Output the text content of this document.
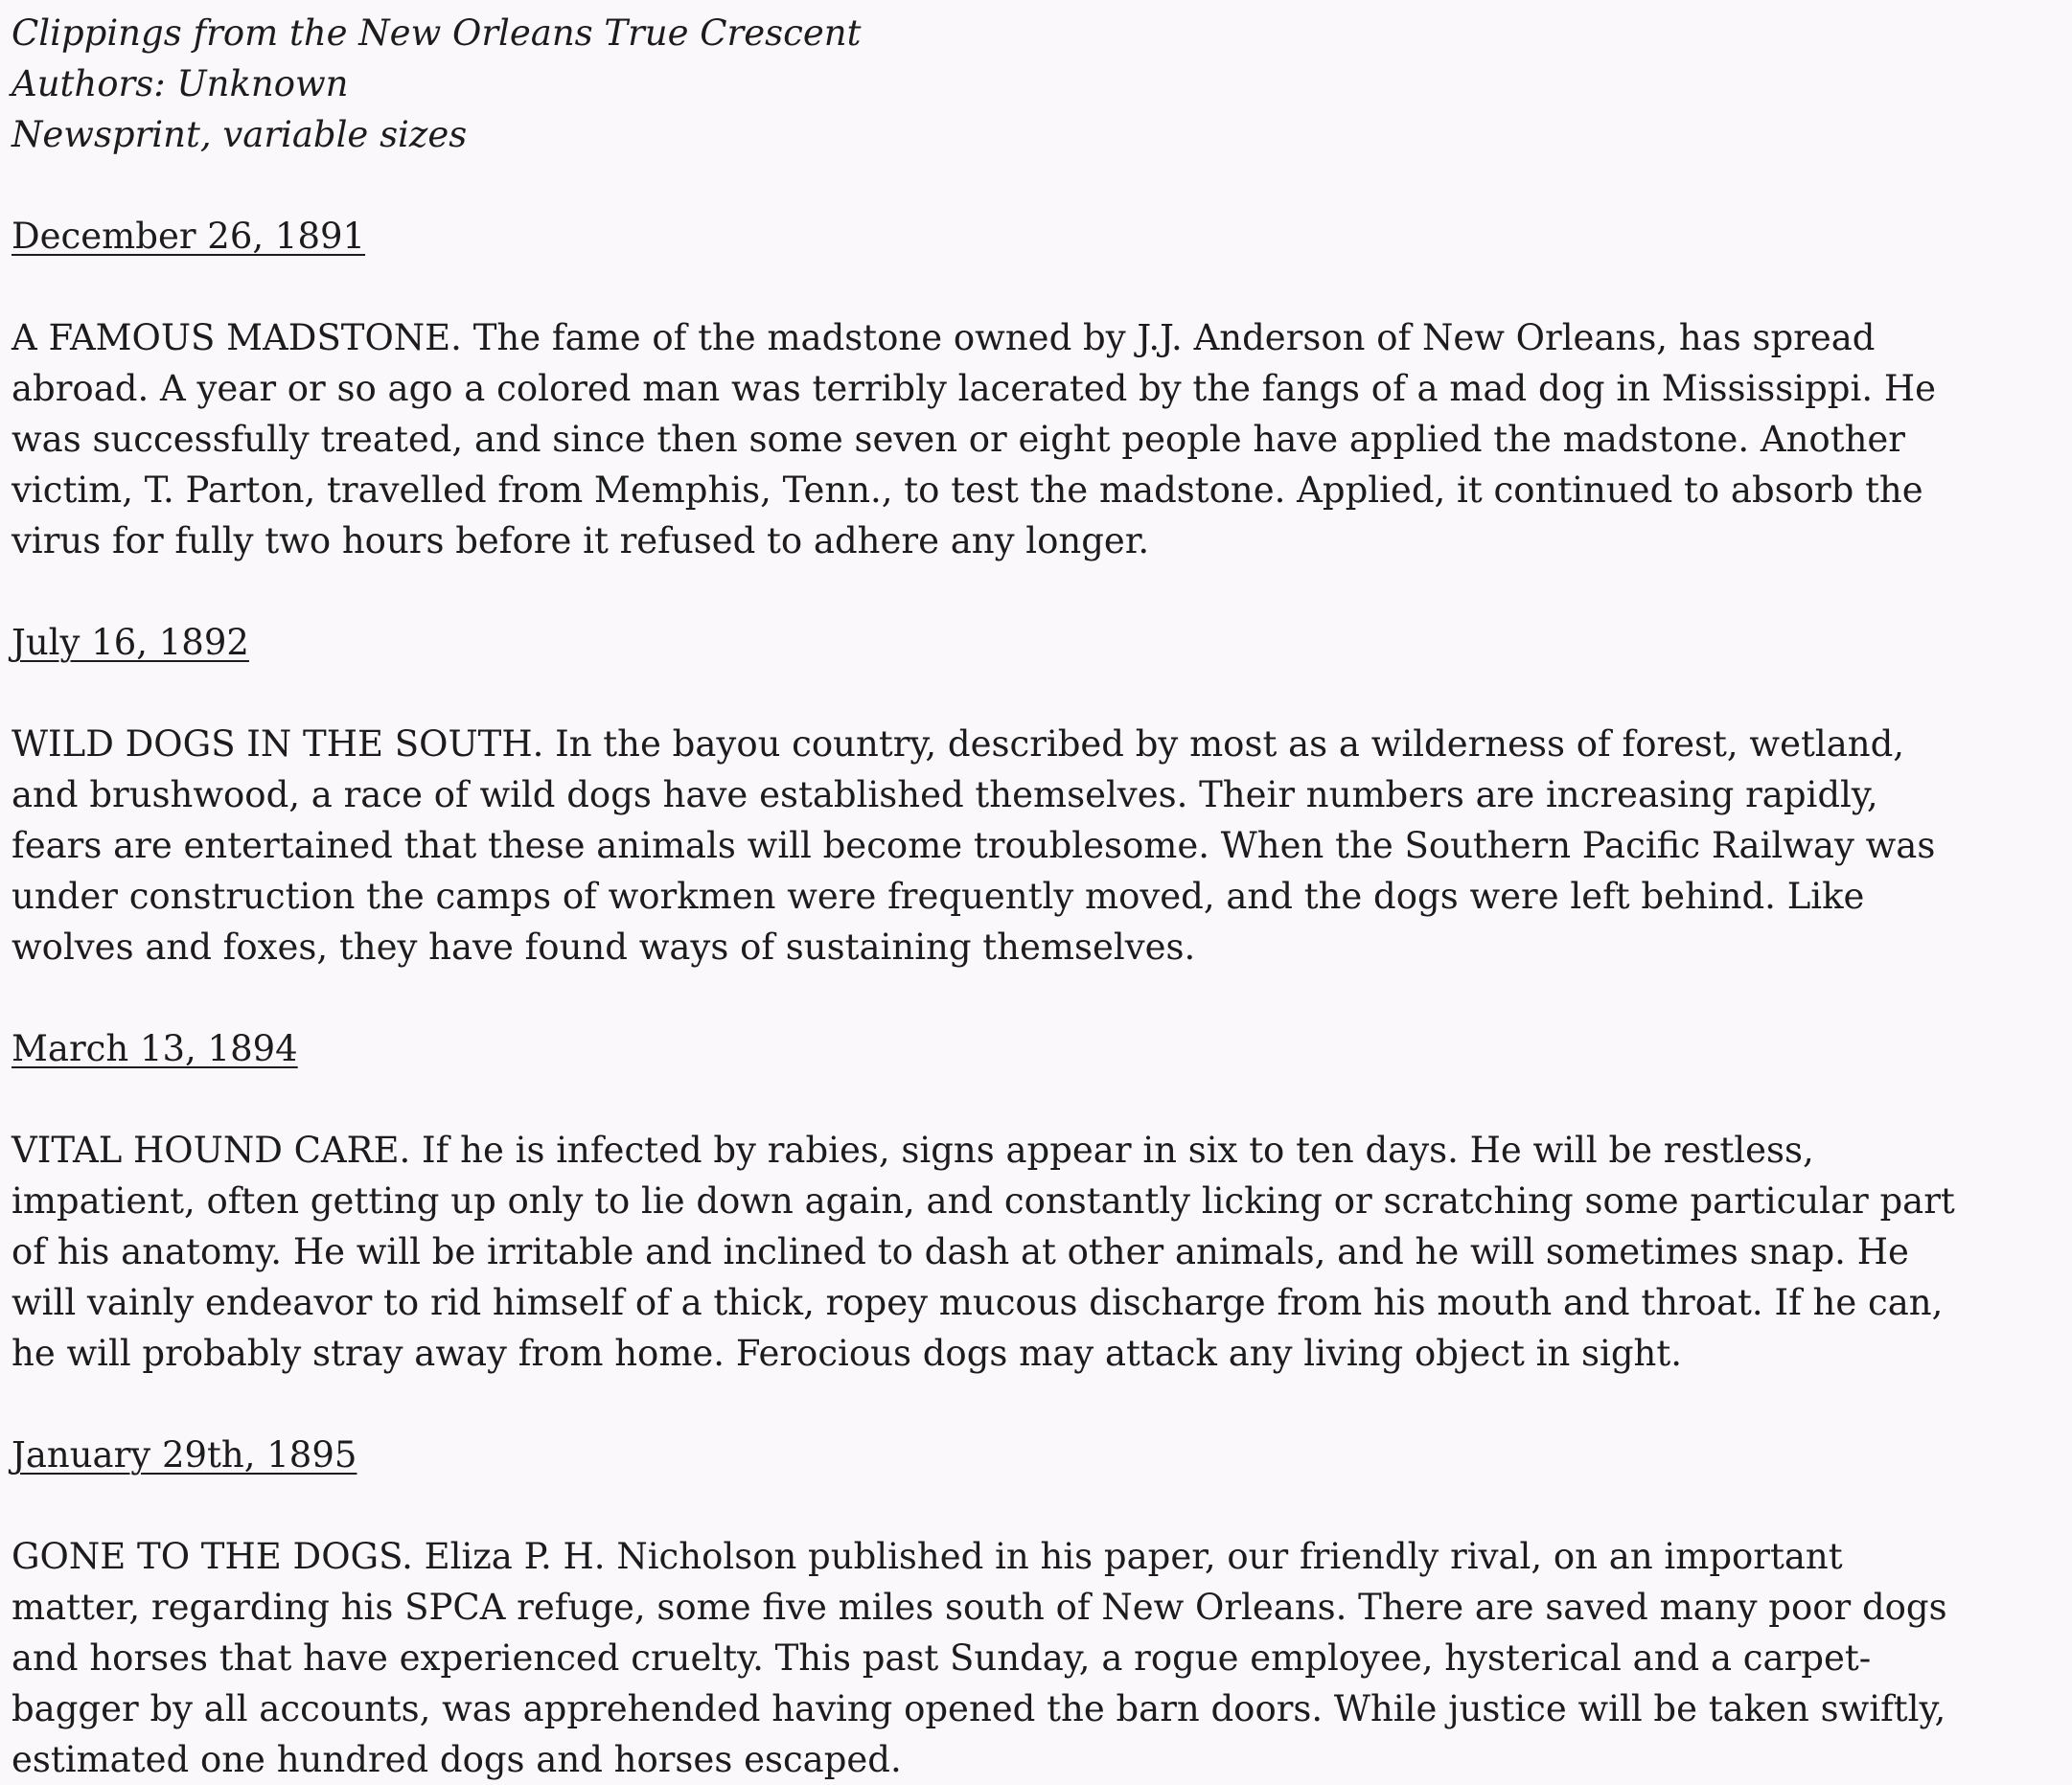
Clippings from the New Orleans True Crescent
Authors: Unknown
Newsprint, variable sizes
December 26, 1891

A FAMOUS MADSTONE. The fame of the madstone owned by J.J. Anderson of New Orleans, has spread abroad. A year or so ago a colored man was terribly lacerated by the fangs of a mad dog in Mississippi. He was successfully treated, and since then some seven or eight people have applied the madstone. Another victim, T. Parton, travelled from Memphis, Tenn., to test the madstone. Applied, it continued to absorb the virus for fully two hours before it refused to adhere any longer.

July 16, 1892

WILD DOGS IN THE SOUTH. In the bayou country, described by most as a wilderness of forest, wetland, and brushwood, a race of wild dogs have established themselves. Their numbers are increasing rapidly, fears are entertained that these animals will become troublesome. When the Southern Pacific Railway was under construction the camps of workmen were frequently moved, and the dogs were left behind. Like wolves and foxes, they have found ways of sustaining themselves.

March 13, 1894

VITAL HOUND CARE. If he is infected by rabies, signs appear in six to ten days. He will be restless, impatient, often getting up only to lie down again, and constantly licking or scratching some particular part of his anatomy. He will be irritable and inclined to dash at other animals, and he will sometimes snap. He will vainly endeavor to rid himself of a thick, ropey mucous discharge from his mouth and throat. If he can, he will probably stray away from home. Ferocious dogs may attack any living object in sight.

January 29th, 1895

GONE TO THE DOGS. Eliza P. H. Nicholson published in his paper, our friendly rival, on an important matter, regarding his SPCA refuge, some five miles south of New Orleans. There are saved many poor dogs and horses that have experienced cruelty. This past Sunday, a rogue employee, hysterical and a carpet-bagger by all accounts, was apprehended having opened the barn doors. While justice will be taken swiftly, estimated one hundred dogs and horses escaped.
